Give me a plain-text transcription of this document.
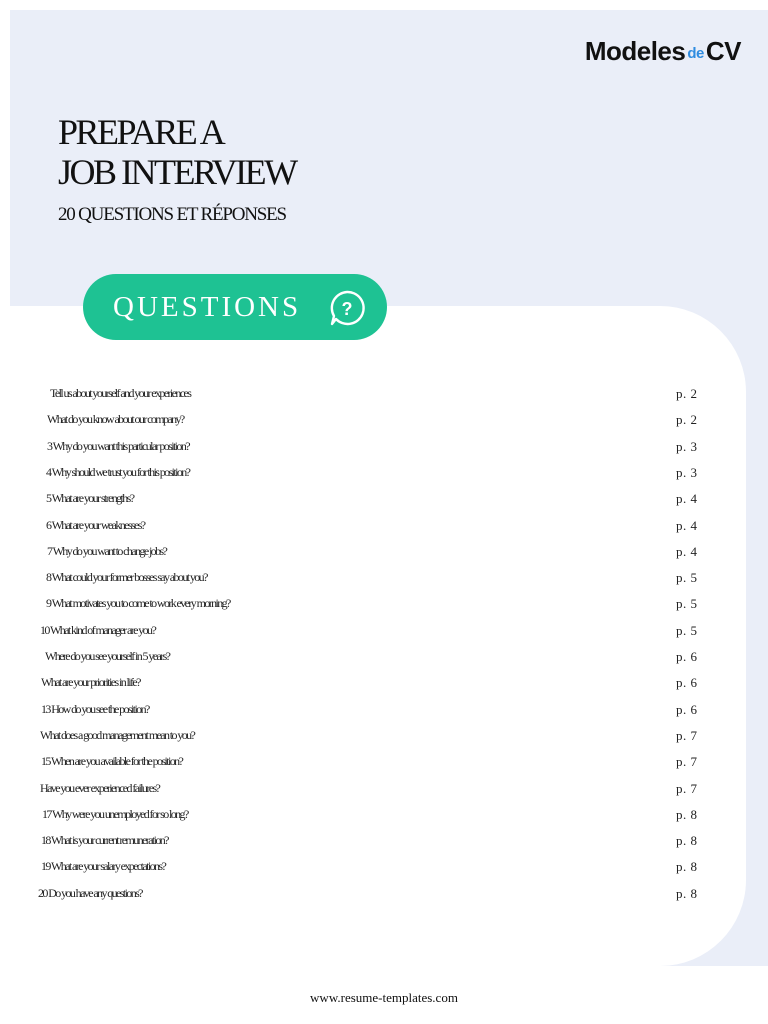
Modeles de CV
PREPARE A
JOB INTERVIEW
20 QUESTIONS ET RÉPONSES
QUESTIONS ?
Tell us about yourself and your experiences	p. 2
What do you know about our company?	p. 2
3 Why do you want this particular position?	p. 3
4 Why should we trust you for this position?	p. 3
5 What are your strengths?	p. 4
6 What are your weaknesses?	p. 4
7 Why do you want to change jobs?	p. 4
8 What could your former bosses say about you?	p. 5
9 What motivates you to come to work every morning?	p. 5
10 What kind of manager are you?	p. 5
Where do you see yourself in 5 years?	p. 6
What are your priorities in life?	p. 6
13 How do you see the position?	p. 6
What does a good management mean to you?	p. 7
15 When are you available for the position?	p. 7
Have you ever experienced failures?	p. 7
17 Why were you unemployed for so long?	p. 8
18 What is your current remuneration?	p. 8
19 What are your salary expectations?	p. 8
20 Do you have any questions?	p. 8
www.resume-templates.com
